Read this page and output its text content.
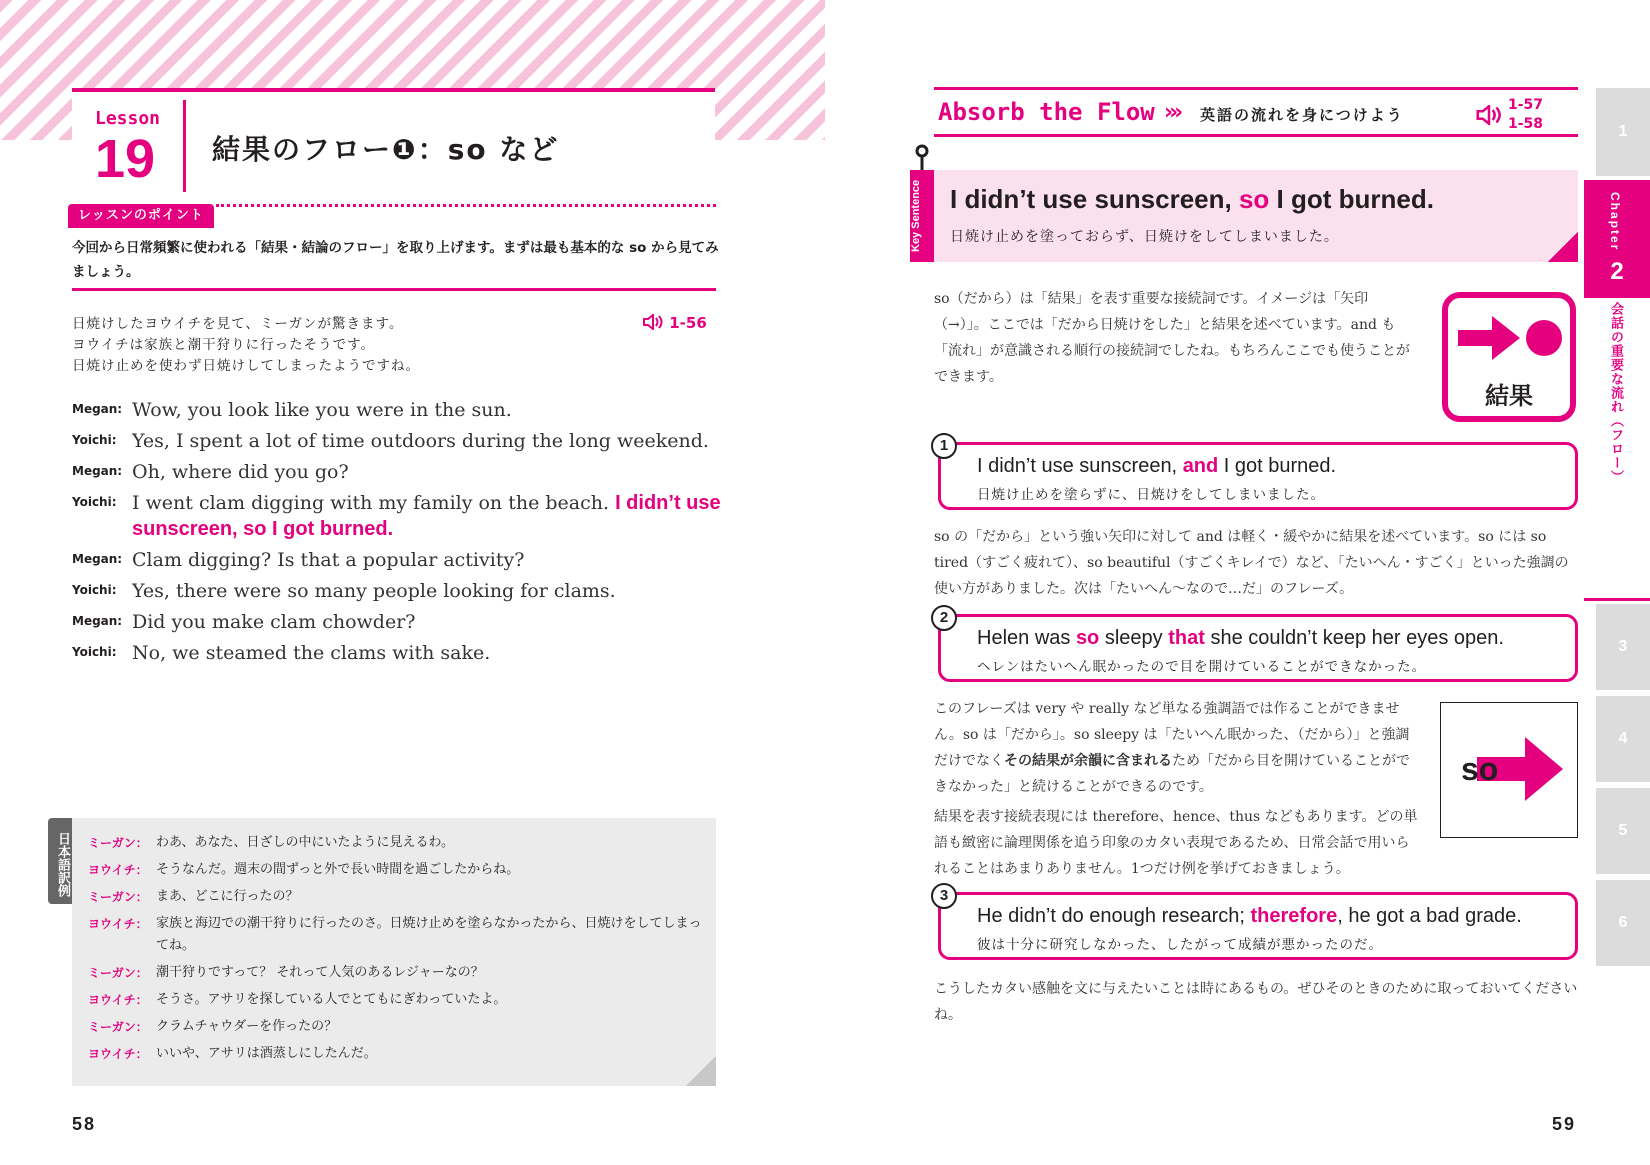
Lesson
19 結果のフロー❶：so など
レッスンのポイント
今回から日常頻繁に使われる「結果・結論のフロー」を取り上げます。まずは最も基本的な so から見てみましょう。
日焼けしたヨウイチを見て、ミーガンが驚きます。
ヨウイチは家族と潮干狩りに行ったそうです。
日焼け止めを使わず日焼けしてしまったようですね。
1-56
Megan: Wow, you look like you were in the sun.
Yoichi: Yes, I spent a lot of time outdoors during the long weekend.
Megan: Oh, where did you go?
Yoichi: I went clam digging with my family on the beach. I didn’t use sunscreen, so I got burned.
Megan: Clam digging? Is that a popular activity?
Yoichi: Yes, there were so many people looking for clams.
Megan: Did you make clam chowder?
Yoichi: No, we steamed the clams with sake.
日本語訳例 ミーガン： わあ、あなた、日ざしの中にいたように見えるわ。
ヨウイチ： そうなんだ。週末の間ずっと外で長い時間を過ごしたからね。
ミーガン： まあ、どこに行ったの？
ヨウイチ： 家族と海辺での潮干狩りに行ったのさ。日焼け止めを塗らなかったから、日焼けをしてしまってね。
ミーガン： 潮干狩りですって？ それって人気のあるレジャーなの？
ヨウイチ： そうさ。アサリを探している人でとてもにぎわっていたよ。
ミーガン： クラムチャウダーを作ったの？
ヨウイチ： いいや、アサリは酒蒸しにしたんだ。
58
Absorb the Flow ››› 英語の流れを身につけよう
1-57
1-58
Key Sentence	I didn’t use sunscreen, so I got burned.
日焼け止めを塗っておらず、日焼けをしてしまいました。
so（だから）は「結果」を表す重要な接続詞です。イメージは「矢印（→）」。ここでは「だから日焼けをした」と結果を述べています。and も「流れ」が意識される順行の接続詞でしたね。もちろんここでも使うことができます。
結果
1
I didn’t use sunscreen, and I got burned.
日焼け止めを塗らずに、日焼けをしてしまいました。
so の「だから」という強い矢印に対して and は軽く・緩やかに結果を述べています。so には so tired（すごく疲れて）、so beautiful（すごくキレイで）など、「たいへん・すごく」といった強調の使い方がありました。次は「たいへん〜なので…だ」のフレーズ。
2
Helen was so sleepy that she couldn’t keep her eyes open.
ヘレンはたいへん眠かったので目を開けていることができなかった。
このフレーズは very や really など単なる強調語では作ることができません。so は「だから」。so sleepy は「たいへん眠かった、（だから）」と強調だけでなくその結果が余韻に含まれるため「だから目を開けていることができなかった」と続けることができるのです。	so
結果を表す接続表現には therefore、hence、thus などもあります。どの単語も緻密に論理関係を追う印象のカタい表現であるため、日常会話で用いられることはあまりありません。1つだけ例を挙げておきましょう。
3
He didn’t do enough research; therefore, he got a bad grade.
彼は十分に研究しなかった、したがって成績が悪かったのだ。
こうしたカタい感触を文に与えたいことは時にあるもの。ぜひそのときのために取っておいてくださいね。
59
1
Chapter
2
会話の重要な流れ（フロー）
3
4
5
6
